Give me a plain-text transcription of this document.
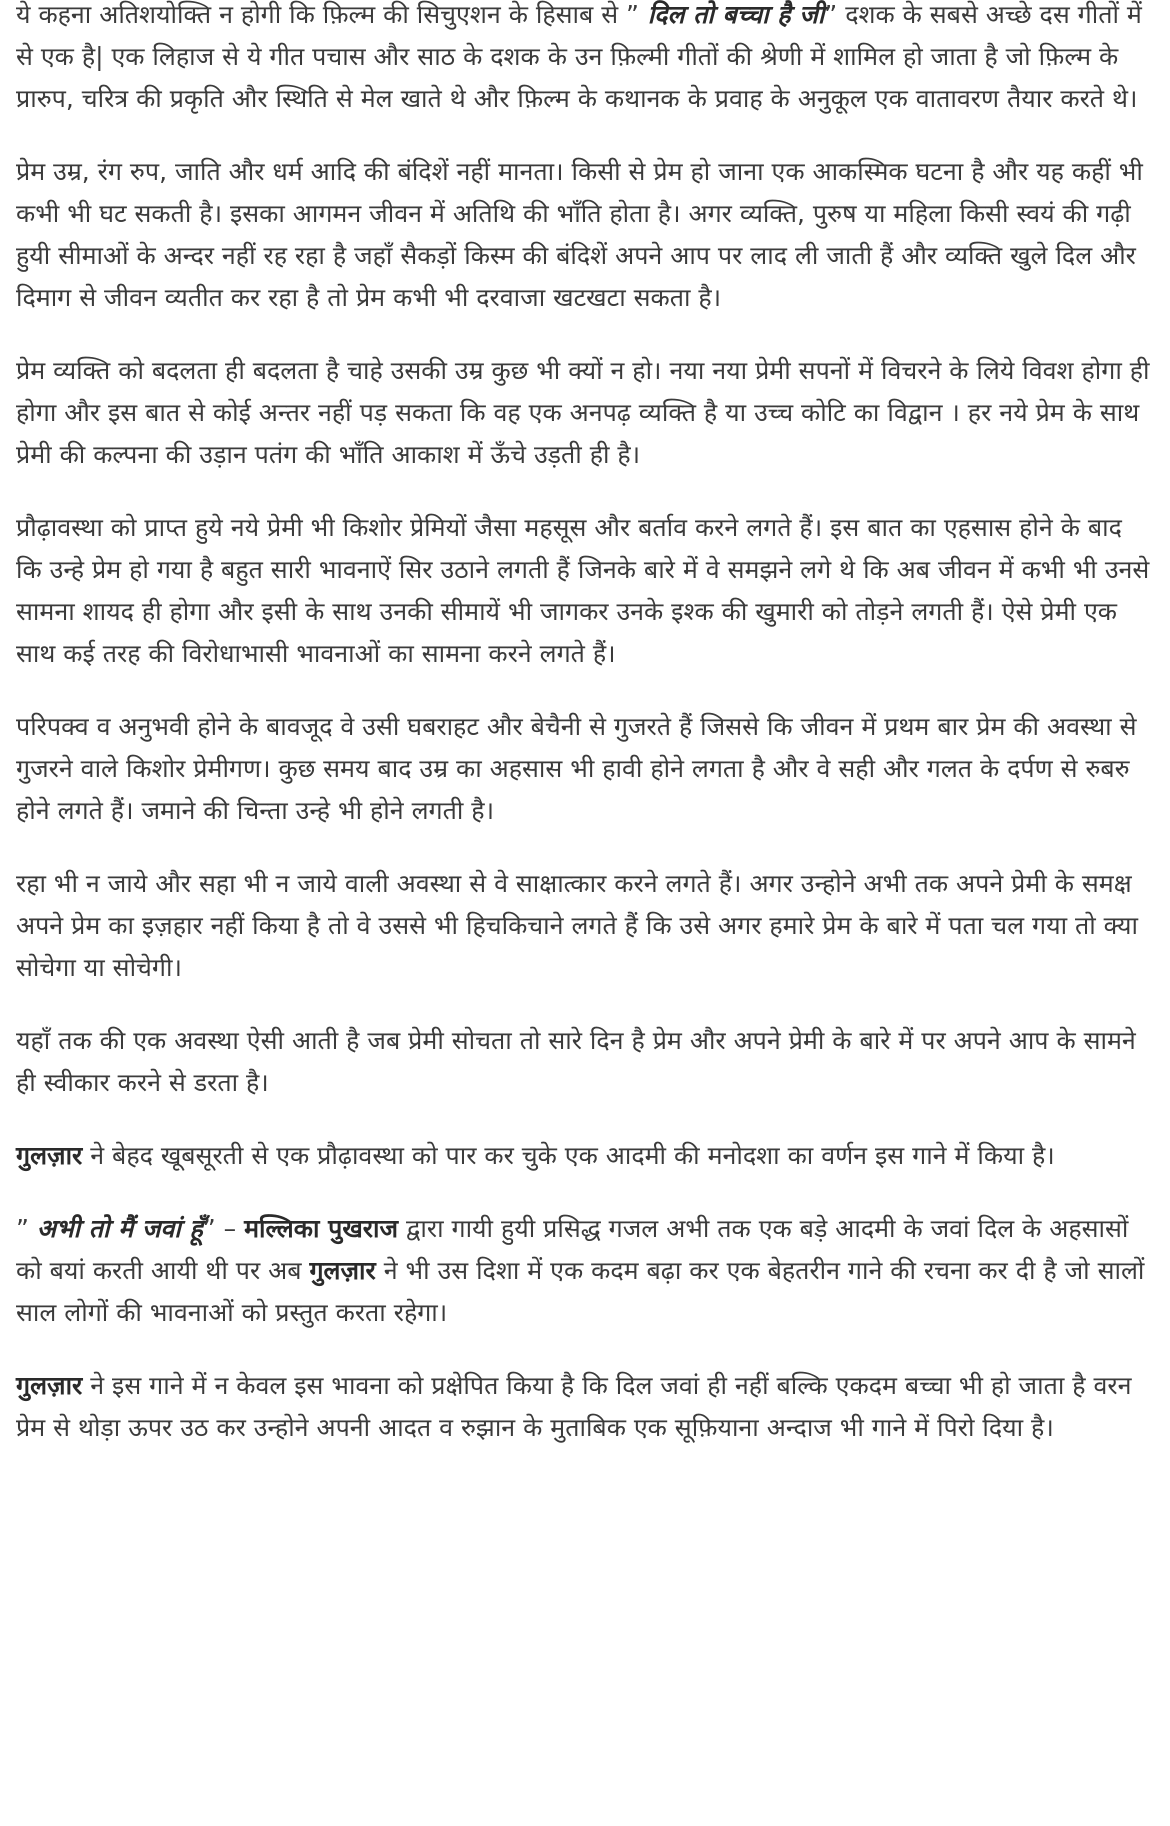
ये कहना अतिशयोक्ति न होगी कि फ़िल्म की सिचुएशन के हिसाब से ” दिल तो बच्चा है जी” दशक के सबसे अच्छे दस गीतों में से एक है| एक लिहाज से ये गीत पचास और साठ के दशक के उन फ़िल्मी गीतों की श्रेणी में शामिल हो जाता है जो फ़िल्म के प्रारुप, चरित्र की प्रकृति और स्थिति से मेल खाते थे और फ़िल्म के कथानक के प्रवाह के अनुकूल एक वातावरण तैयार करते थे।

प्रेम उम्र, रंग रुप, जाति और धर्म आदि की बंदिशें नहीं मानता। किसी से प्रेम हो जाना एक आकस्मिक घटना है और यह कहीं भी कभी भी घट सकती है। इसका आगमन जीवन में अतिथि की भाँति होता है। अगर व्यक्ति, पुरुष या महिला किसी स्वयं की गढ़ी हुयी सीमाओं के अन्दर नहीं रह रहा है जहाँ सैकड़ों किस्म की बंदिशें अपने आप पर लाद ली जाती हैं और व्यक्ति खुले दिल और दिमाग से जीवन व्यतीत कर रहा है तो प्रेम कभी भी दरवाजा खटखटा सकता है।

प्रेम व्यक्ति को बदलता ही बदलता है चाहे उसकी उम्र कुछ भी क्यों न हो। नया नया प्रेमी सपनों में विचरने के लिये विवश होगा ही होगा और इस बात से कोई अन्तर नहीं पड़ सकता कि वह एक अनपढ़ व्यक्ति है या उच्च कोटि का विद्वान । हर नये प्रेम के साथ प्रेमी की कल्पना की उड़ान पतंग की भाँति आकाश में ऊँचे उड़ती ही है।

प्रौढ़ावस्था को प्राप्त हुये नये प्रेमी भी किशोर प्रेमियों जैसा महसूस और बर्ताव करने लगते हैं। इस बात का एहसास होने के बाद कि उन्हे प्रेम हो गया है बहुत सारी भावनाऐं सिर उठाने लगती हैं जिनके बारे में वे समझने लगे थे कि अब जीवन में कभी भी उनसे सामना शायद ही होगा और इसी के साथ उनकी सीमायें भी जागकर उनके इश्क की खुमारी को तोड़ने लगती हैं। ऐसे प्रेमी एक साथ कई तरह की विरोधाभासी भावनाओं का सामना करने लगते हैं।

परिपक्व व अनुभवी होने के बावजूद वे उसी घबराहट और बेचैनी से गुजरते हैं जिससे कि जीवन में प्रथम बार प्रेम की अवस्था से गुजरने वाले किशोर प्रेमीगण। कुछ समय बाद उम्र का अहसास भी हावी होने लगता है और वे सही और गलत के दर्पण से रुबरु होने लगते हैं। जमाने की चिन्ता उन्हे भी होने लगती है।

रहा भी न जाये और सहा भी न जाये वाली अवस्था से वे साक्षात्कार करने लगते हैं। अगर उन्होने अभी तक अपने प्रेमी के समक्ष अपने प्रेम का इज़हार नहीं किया है तो वे उससे भी हिचकिचाने लगते हैं कि उसे अगर हमारे प्रेम के बारे में पता चल गया तो क्या सोचेगा या सोचेगी।

यहाँ तक की एक अवस्था ऐसी आती है जब प्रेमी सोचता तो सारे दिन है प्रेम और अपने प्रेमी के बारे में पर अपने आप के सामने ही स्वीकार करने से डरता है।

गुलज़ार ने बेहद खूबसूरती से एक प्रौढ़ावस्था को पार कर चुके एक आदमी की मनोदशा का वर्णन इस गाने में किया है।

” अभी तो मैं जवां हूँ” – मल्लिका पुखराज द्वारा गायी हुयी प्रसिद्ध गजल अभी तक एक बड़े आदमी के जवां दिल के अहसासों को बयां करती आयी थी पर अब गुलज़ार ने भी उस दिशा में एक कदम बढ़ा कर एक बेहतरीन गाने की रचना कर दी है जो सालों साल लोगों की भावनाओं को प्रस्तुत करता रहेगा।

गुलज़ार ने इस गाने में न केवल इस भावना को प्रक्षेपित किया है कि दिल जवां ही नहीं बल्कि एकदम बच्चा भी हो जाता है वरन प्रेम से थोड़ा ऊपर उठ कर उन्होने अपनी आदत व रुझान के मुताबिक एक सूफ़ियाना अन्दाज भी गाने में पिरो दिया है।
